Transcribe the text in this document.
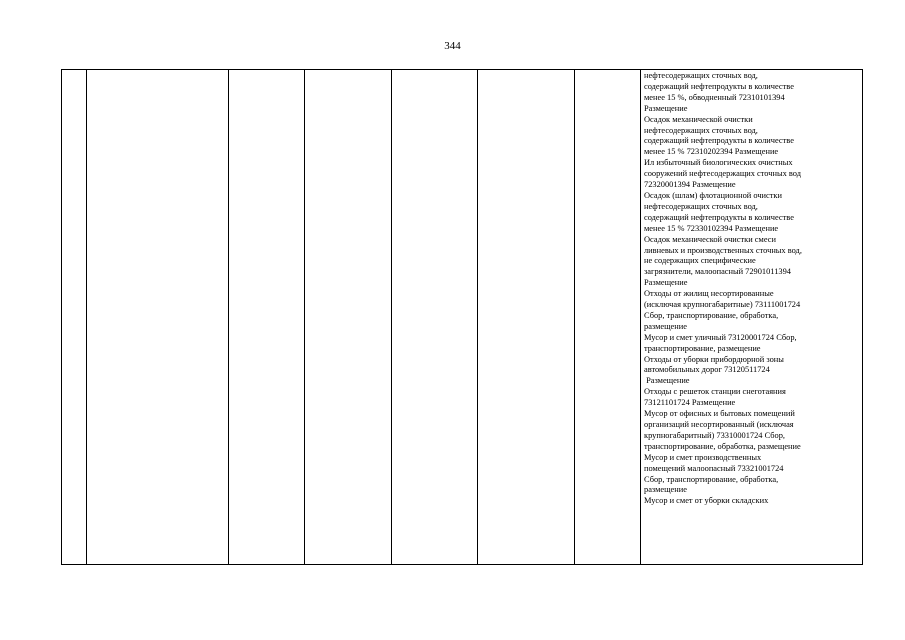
344

нефтесодержащих сточных вод,
содержащий нефтепродукты в количестве
менее 15 %, обводненный 72310101394
Размещение
Осадок механической очистки
нефтесодержащих сточных вод,
содержащий нефтепродукты в количестве
менее 15 % 72310202394 Размещение
Ил избыточный биологических очистных
сооружений нефтесодержащих сточных вод
72320001394 Размещение
Осадок (шлам) флотационной очистки
нефтесодержащих сточных вод,
содержащий нефтепродукты в количестве
менее 15 % 72330102394 Размещение
Осадок механической очистки смеси
ливневых и производственных сточных вод,
не содержащих специфические
загрязнители, малоопасный 72901011394
Размещение
Отходы от жилищ несортированные
(исключая крупногабаритные) 73111001724
Сбор, транспортирование, обработка,
размещение
Мусор и смет уличный 73120001724 Сбор,
транспортирование, размещение
Отходы от уборки прибордюрной зоны
автомобильных дорог 73120511724
Размещение
Отходы с решеток станции снеготаяния
73121101724 Размещение
Мусор от офисных и бытовых помещений
организаций несортированный (исключая
крупногабаритный) 73310001724 Сбор,
транспортирование, обработка, размещение
Мусор и смет производственных
помещений малоопасный 73321001724
Сбор, транспортирование, обработка,
размещение
Мусор и смет от уборки складских
